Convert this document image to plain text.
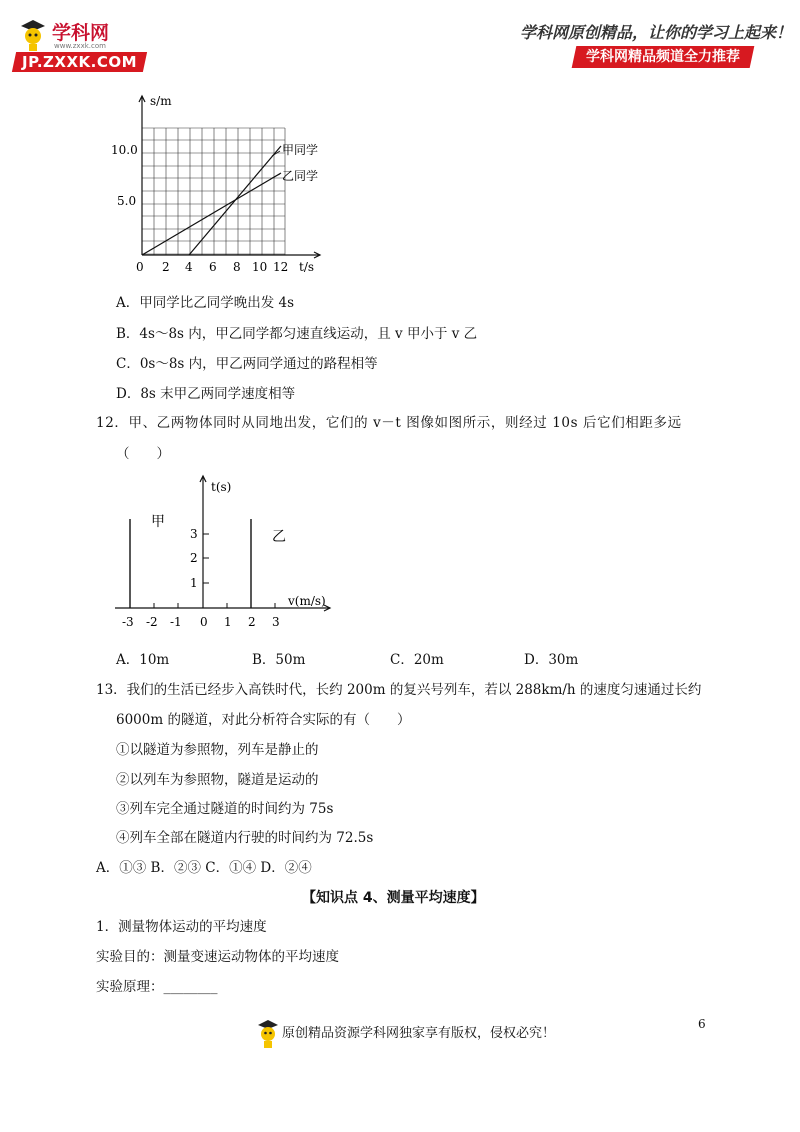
学科网
www.zxxk.com
JP.ZXXK.COM
学科网原创精品，让你的学习上起来！
学科网精品频道全力推荐
s/m
t/s
10.0
5.0
0 2 4 6 8 10 12
甲同学
乙同学
A．甲同学比乙同学晚出发 4s
B．4s～8s 内，甲乙同学都匀速直线运动，且 v 甲小于 v 乙
C．0s～8s 内，甲乙两同学通过的路程相等
D．8s 末甲乙两同学速度相等
12．甲、乙两物体同时从同地出发，它们的 v－t 图像如图所示，则经过 10s 后它们相距多远
（　　）
t(s)
v(m/s)
3
2
1
-3 -2 -1 0 1 2 3
甲
乙
A．10m	B．50m	C．20m	D．30m
13．我们的生活已经步入高铁时代，长约 200m 的复兴号列车，若以 288km/h 的速度匀速通过长约
6000m 的隧道，对此分析符合实际的有（　　）
①以隧道为参照物，列车是静止的
②以列车为参照物，隧道是运动的
③列车完全通过隧道的时间约为 75s
④列车全部在隧道内行驶的时间约为 72.5s
A．①③ B．②③ C．①④ D．②④
【知识点 4、测量平均速度】
1．测量物体运动的平均速度
实验目的：测量变速运动物体的平均速度
实验原理：________
6
原创精品资源学科网独家享有版权，侵权必究！
